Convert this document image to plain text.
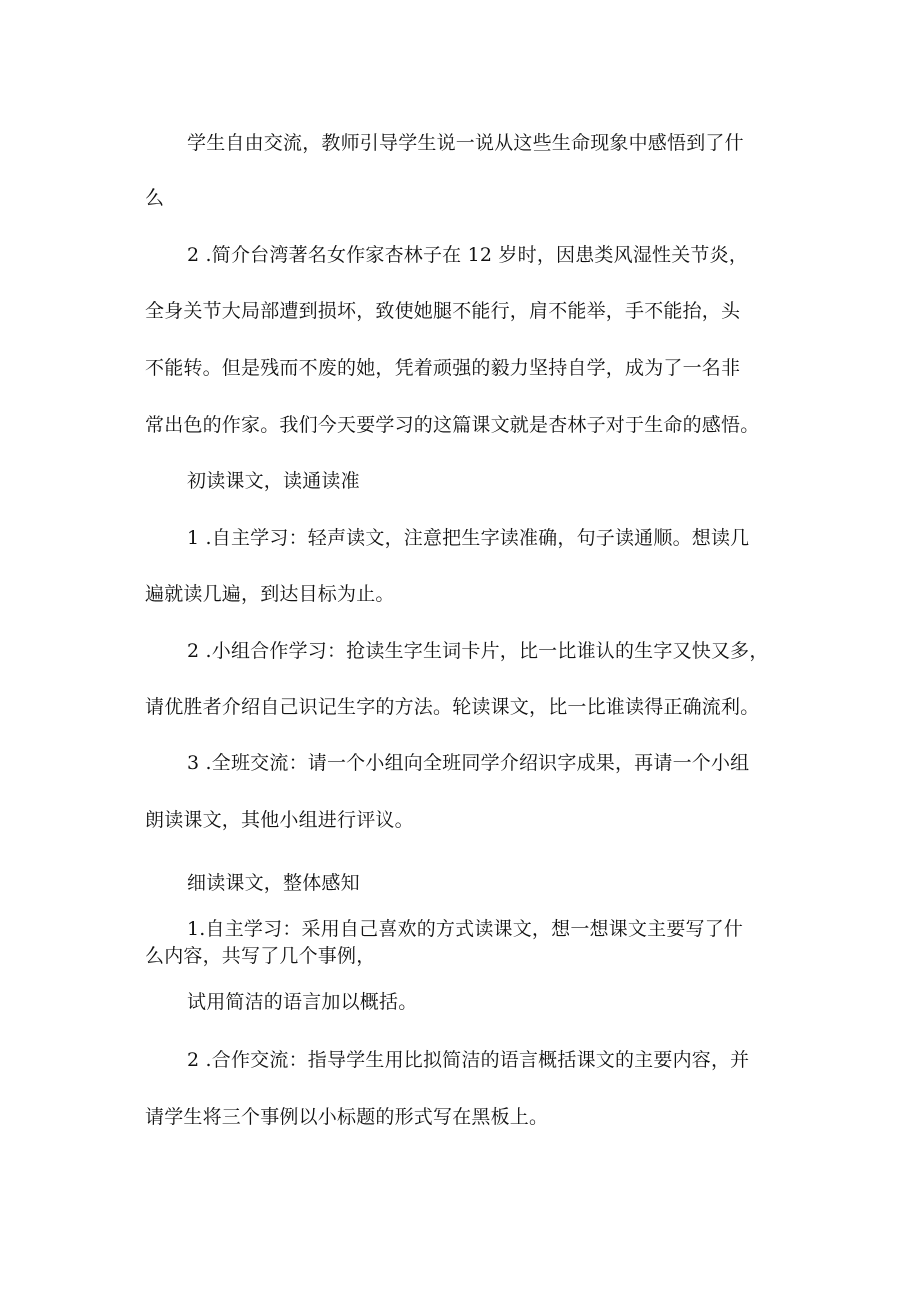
学生自由交流，教师引导学生说一说从这些生命现象中感悟到了什
么
2 .简介台湾著名女作家杏林子在 12 岁时，因患类风湿性关节炎，
全身关节大局部遭到损坏，致使她腿不能行，肩不能举，手不能抬，头
不能转。但是残而不废的她，凭着顽强的毅力坚持自学，成为了一名非
常出色的作家。我们今天要学习的这篇课文就是杏林子对于生命的感悟。
初读课文，读通读准
1 .自主学习：轻声读文，注意把生字读准确，句子读通顺。想读几
遍就读几遍，到达目标为止。
2 .小组合作学习：抢读生字生词卡片，比一比谁认的生字又快又多，
请优胜者介绍自己识记生字的方法。轮读课文，比一比谁读得正确流利。
3 .全班交流：请一个小组向全班同学介绍识字成果，再请一个小组
朗读课文，其他小组进行评议。
细读课文，整体感知
1.自主学习：采用自己喜欢的方式读课文，想一想课文主要写了什
么内容，共写了几个事例，
试用简洁的语言加以概括。
2 .合作交流：指导学生用比拟简洁的语言概括课文的主要内容，并
请学生将三个事例以小标题的形式写在黑板上。
